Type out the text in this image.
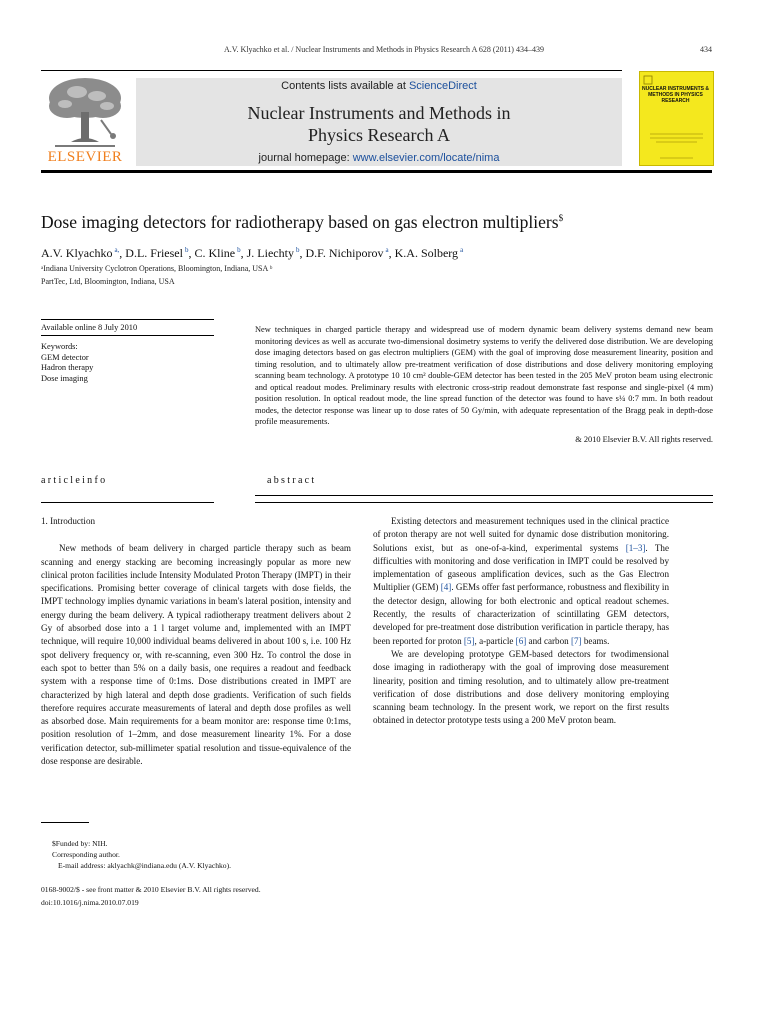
A.V. Klyachko et al. / Nuclear Instruments and Methods in Physics Research A 628 (2011) 434–439	434
ELSEVIER
Contents lists available at ScienceDirect
Nuclear Instruments and Methods in
Physics Research A
journal homepage: www.elsevier.com/locate/nima
NUCLEAR INSTRUMENTS & METHODS IN PHYSICS RESEARCH
Dose imaging detectors for radiotherapy based on gas electron multipliers$
A.V. Klyachko $^{a,}$, D.L. Friesel $^b$, C. Kline $^b$, J. Liechty $^b$, D.F. Nichiporov $^a$, K.A. Solberg $^a$
ᵃIndiana University Cyclotron Operations, Bloomington, Indiana, USA ᵇ
PartTec, Ltd, Bloomington, Indiana, USA
Available online 8 July 2010
Keywords:
GEM detector
Hadron therapy
Dose imaging
New techniques in charged particle therapy and widespread use of modern dynamic beam delivery systems demand new beam monitoring devices as well as accurate two-dimensional dosimetry systems to verify the delivered dose distribution. We are developing dose imaging detectors based on gas electron multipliers (GEM) with the goal of improving dose measurement linearity, position and timing resolution, and to ultimately allow pre-treatment verification of dose distributions and dose delivery monitoring employing scanning beam technology. A prototype 10 10 cm² double-GEM detector has been tested in the 205 MeV proton beam using electronic and optical readout modes. Preliminary results with electronic cross-strip readout demonstrate fast response and single-pixel (4 mm) position resolution. In optical readout mode, the line spread function of the detector was found to have s¼ 0:7 mm. In both readout modes, the detector response was linear up to dose rates of 50 Gy/min, with adequate representation of the Bragg peak in depth-dose profile measurements.
& 2010 Elsevier B.V. All rights reserved.
articleinfo	abstract
1. Introduction

New methods of beam delivery in charged particle therapy such as beam scanning and energy stacking are becoming increasingly popular as more new clinical proton facilities include Intensity Modulated Proton Therapy (IMPT) in their specifications. Promising better coverage of clinical targets with dose fields, the IMPT technology implies dynamic variations in beam's lateral position, intensity and energy during the beam delivery. A typical radiotherapy treatment delivers about 2 Gy of absorbed dose into a 1 l target volume and, implemented with an IMPT technique, will require 10,000 individual beams delivered in about 100 s, i.e. 100 Hz spot delivery frequency or, with re-scanning, even 300 Hz. To control the dose in each spot to better than 5% on a daily basis, one requires a readout and feedback system with a response time of 0:1ms. Dose distributions created in IMPT are characterized by high lateral and depth dose gradients. Verification of such fields therefore requires accurate measurements of lateral and depth dose profiles as well as absorbed dose. Main requirements for a beam monitor are: response time 0:1ms, position resolution of 1–2mm, and dose measurement linearity 1%. For a dose verification detector, sub-millimeter spatial resolution and tissue-equivalence of the dose response are desirable.

Existing detectors and measurement techniques used in the clinical practice of proton therapy are not well suited for dynamic dose distribution monitoring. Solutions exist, but as one-of-a-kind, experimental systems [1–3]. The difficulties with monitoring and dose verification in IMPT could be resolved by implementation of gaseous amplification devices, such as the Gas Electron Multiplier (GEM) [4]. GEMs offer fast performance, robustness and flexibility in the detector design, allowing for both electronic and optical readout schemes. Recently, the results of characterization of scintillating GEM detectors, developed for pre-treatment dose distribution verification in particle therapy, has been reported for proton [5], a-particle [6] and carbon [7] beams.

We are developing prototype GEM-based detectors for twodimensional dose imaging in radiotherapy with the goal of improving dose measurement linearity, position and timing resolution, and to ultimately allow pre-treatment verification of dose distributions and dose delivery monitoring employing scanning beam technology. In the present work, we report on the first results obtained in detector prototype tests using a 200 MeV proton beam.

$Funded by: NIH.
Corresponding author.
E-mail address: aklyachk@indiana.edu (A.V. Klyachko).
0168-9002/$ - see front matter & 2010 Elsevier B.V. All rights reserved.
doi:10.1016/j.nima.2010.07.019
